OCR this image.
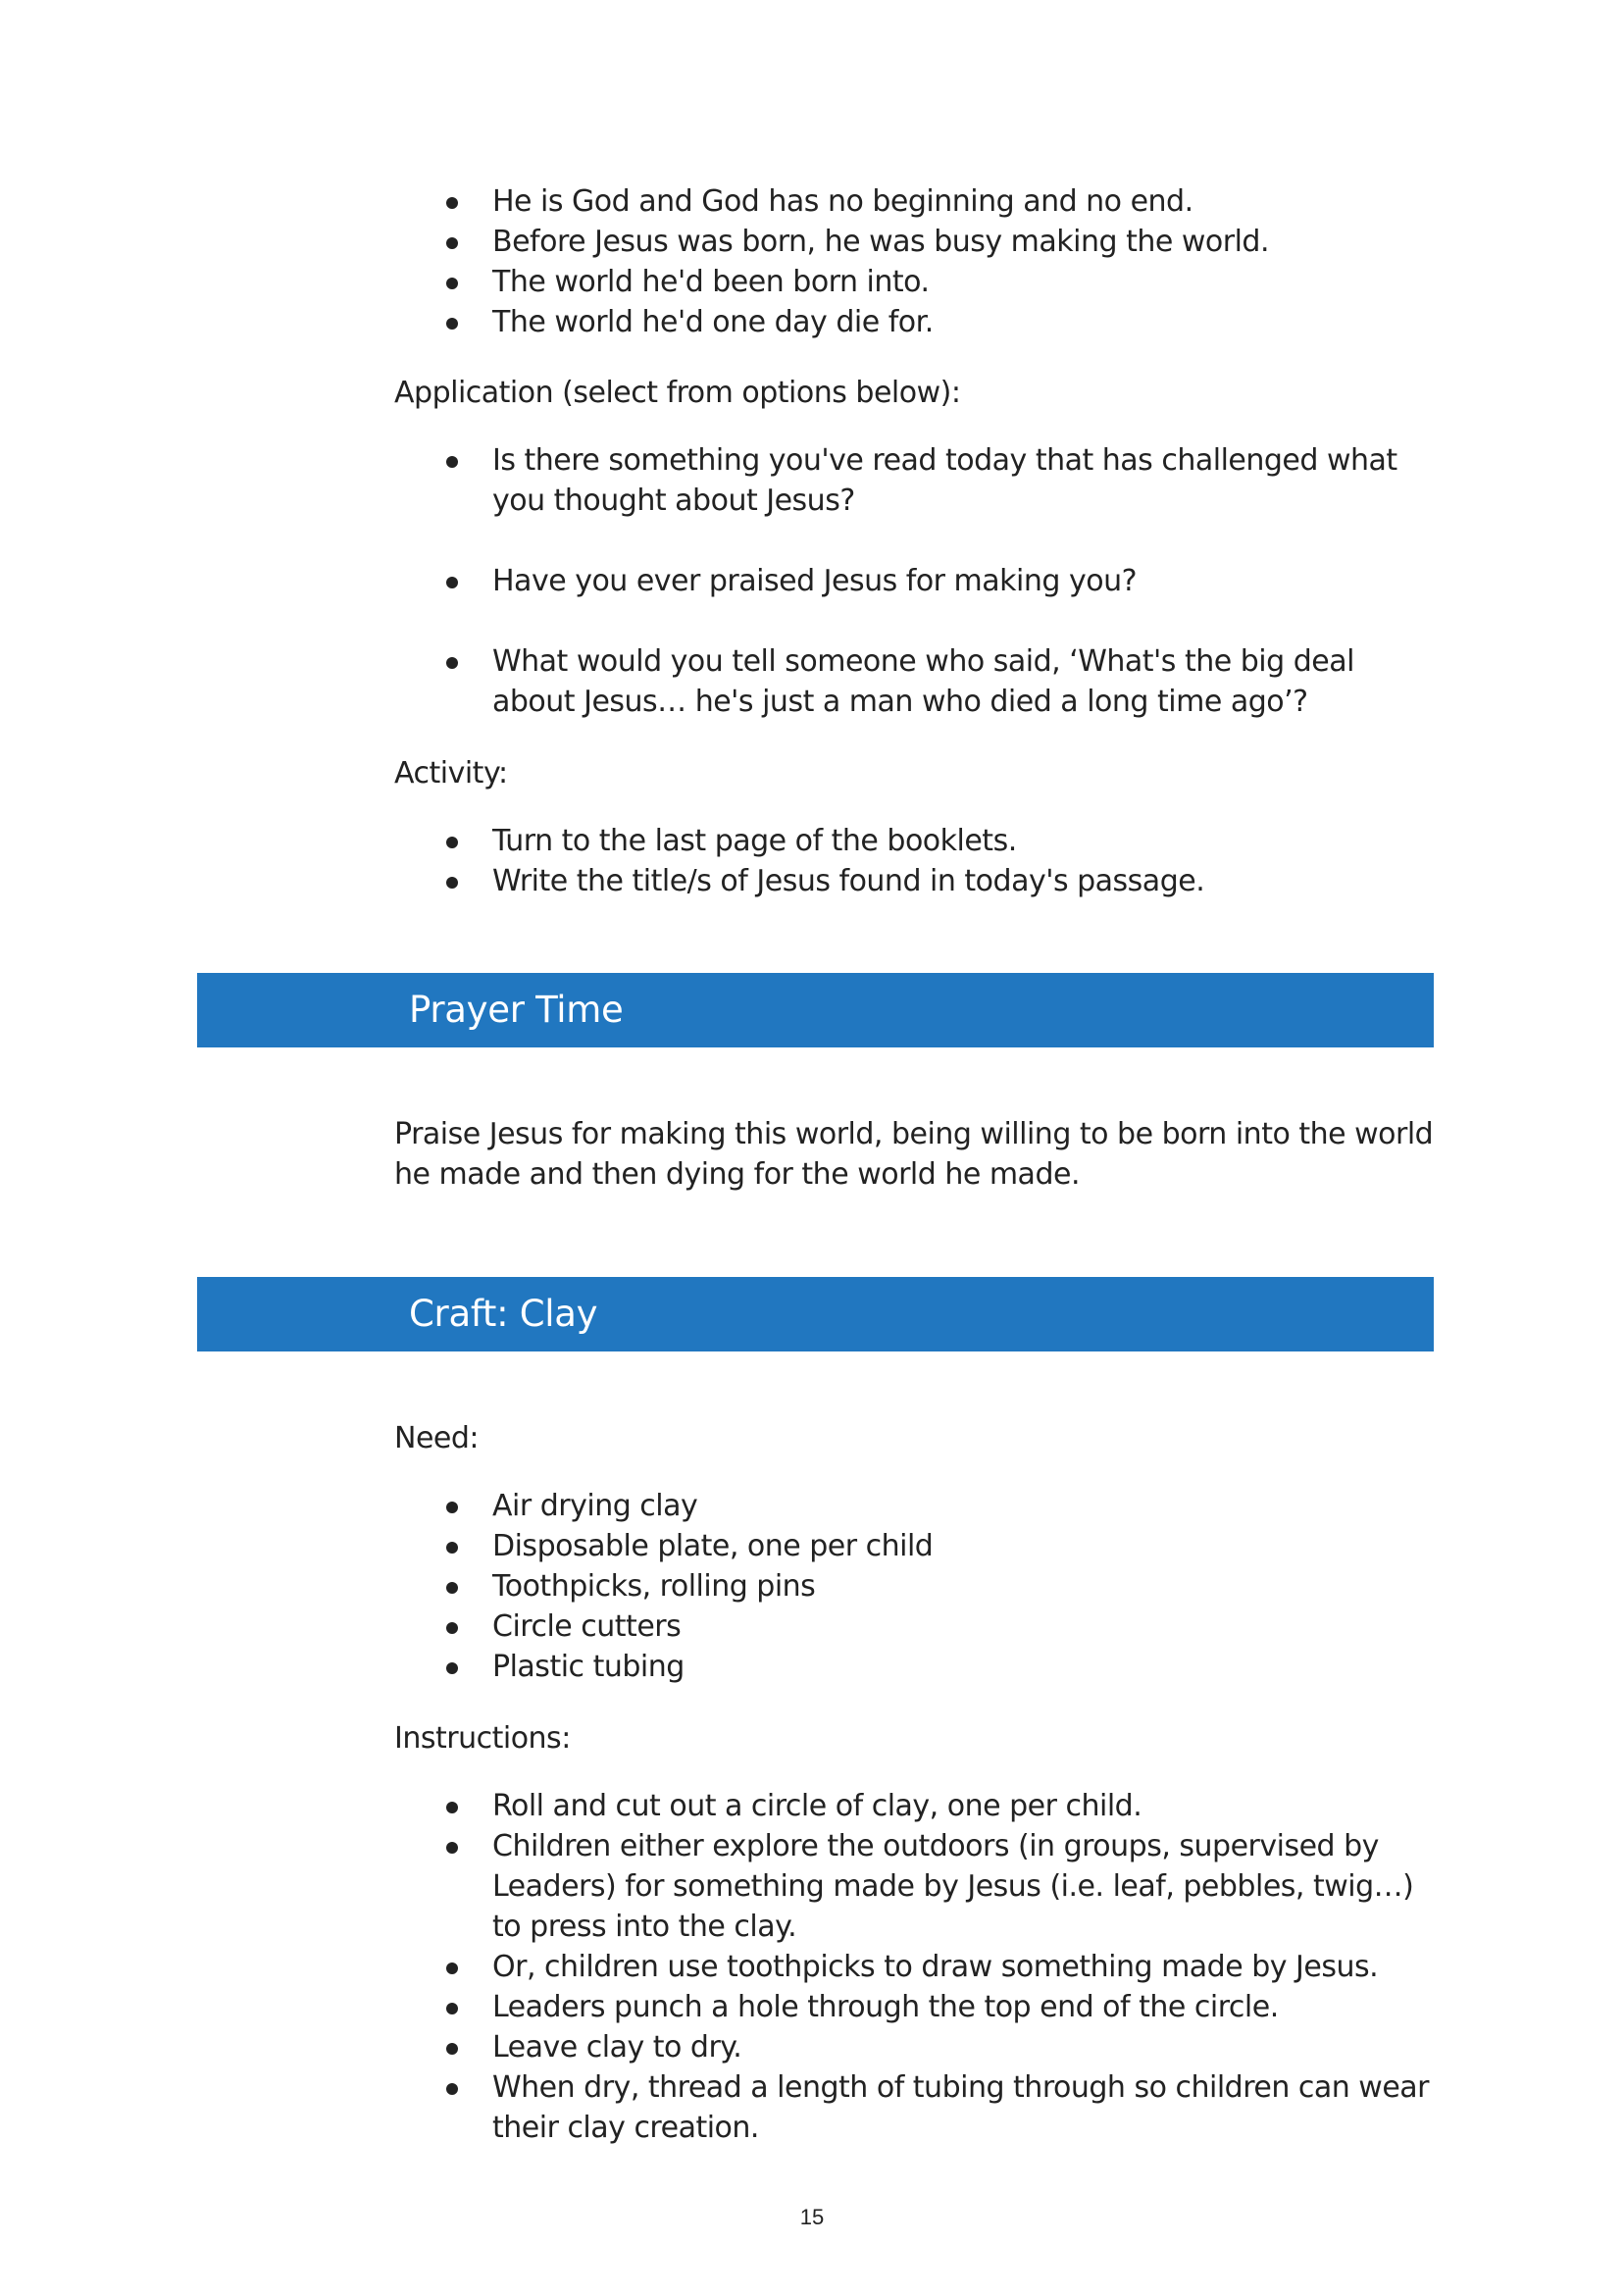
He is God and God has no beginning and no end.
Before Jesus was born, he was busy making the world.
The world he'd been born into.
The world he'd one day die for.
Application (select from options below):
Is there something you've read today that has challenged what you thought about Jesus?
Have you ever praised Jesus for making you?
What would you tell someone who said, ‘What's the big deal about Jesus… he's just a man who died a long time ago’?
Activity:
Turn to the last page of the booklets.
Write the title/s of Jesus found in today's passage.
Prayer Time
Praise Jesus for making this world, being willing to be born into the world he made and then dying for the world he made.
Craft: Clay
Need:
Air drying clay
Disposable plate, one per child
Toothpicks, rolling pins
Circle cutters
Plastic tubing
Instructions:
Roll and cut out a circle of clay, one per child.
Children either explore the outdoors (in groups, supervised by Leaders) for something made by Jesus (i.e. leaf, pebbles, twig…) to press into the clay.
Or, children use toothpicks to draw something made by Jesus.
Leaders punch a hole through the top end of the circle.
Leave clay to dry.
When dry, thread a length of tubing through so children can wear their clay creation.
15
